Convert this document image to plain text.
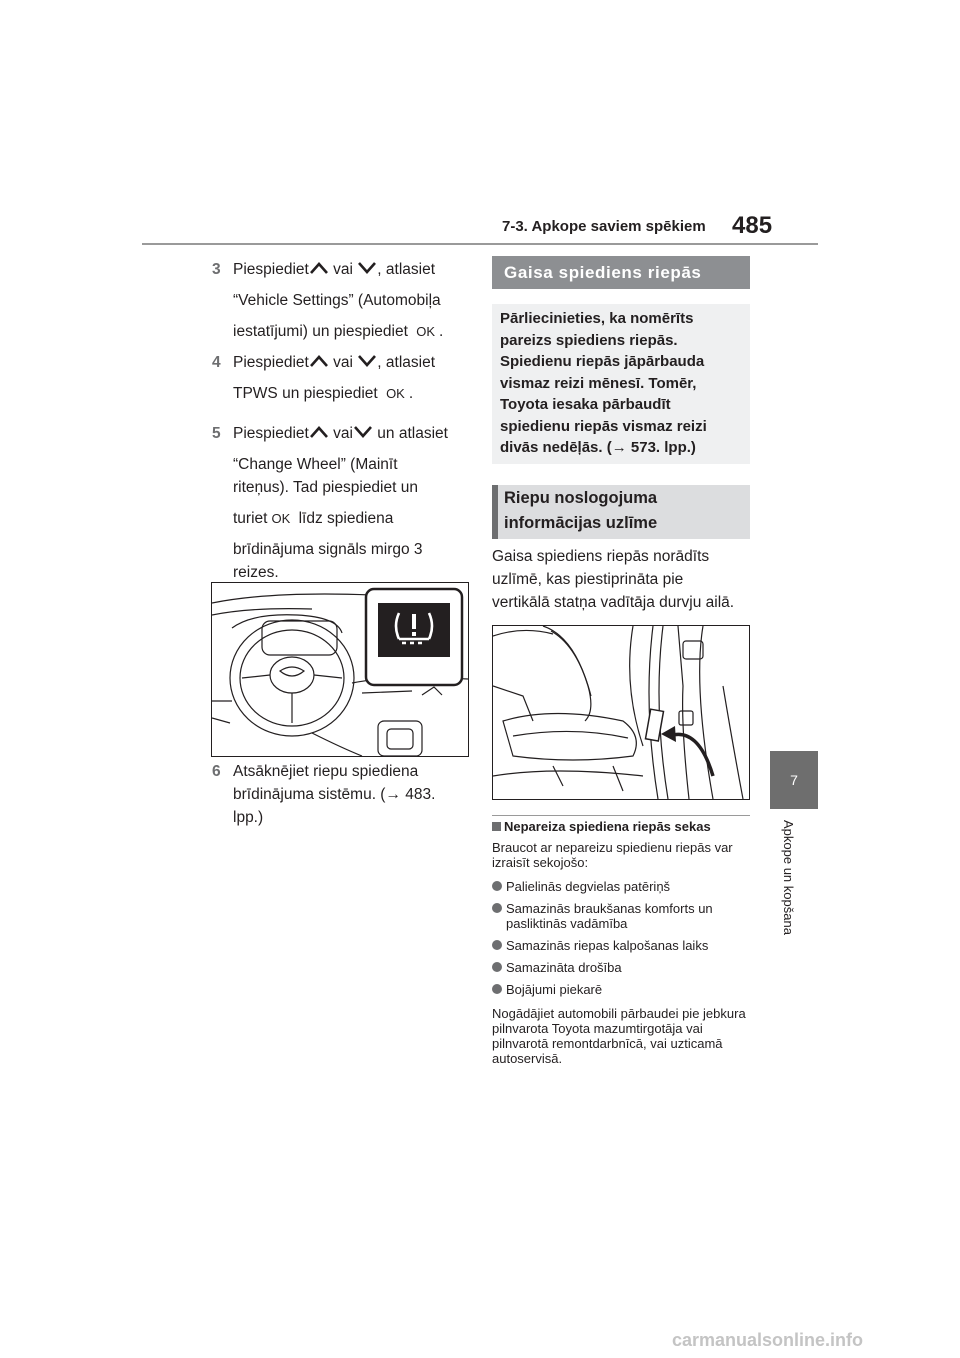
7-3. Apkope saviem spēkiem 485
7
Apkope un kopšana
3 Piespiediet vai , atlasiet

“Vehicle Settings” (Automobiļa

iestatījumi) un piespiediet OK .

4 Piespiediet vai , atlasiet

TPWS un piespiediet OK .

5 Piespiediet vai un atlasiet

“Change Wheel” (Mainīt

riteņus). Tad piespiediet un

turiet OK līdz spiediena

brīdinājuma signāls mirgo 3

reizes.

6 Atsāknējiet riepu spiediena

brīdinājuma sistēmu. (→ 483.

lpp.)

Gaisa spiediens riepās
Pārliecinieties, ka nomērīts
pareizs spiediens riepās.
Spiedienu riepās jāpārbauda
vismaz reizi mēnesī. Tomēr,
Toyota iesaka pārbaudīt
spiedienu riepās vismaz reizi
divās nedēļās. (→ 573. lpp.)
Riepu noslogojuma
informācijas uzlīme
Gaisa spiediens riepās norādīts
uzlīmē, kas piestiprināta pie
vertikālā statņa vadītāja durvju ailā.
Nepareiza spiediena riepās sekas
Braucot ar nepareizu spiedienu riepās var izraisīt sekojošo:
Palielinās degvielas patēriņš
Samazinās braukšanas komforts un pasliktinās vadāmība
Samazinās riepas kalpošanas laiks
Samazināta drošība
Bojājumi piekarē
Nogādājiet automobili pārbaudei pie jebkura pilnvarota Toyota mazumtirgotāja vai pilnvarotā remontdarbnīcā, vai uzticamā autoservisā.
carmanualsonline.info
